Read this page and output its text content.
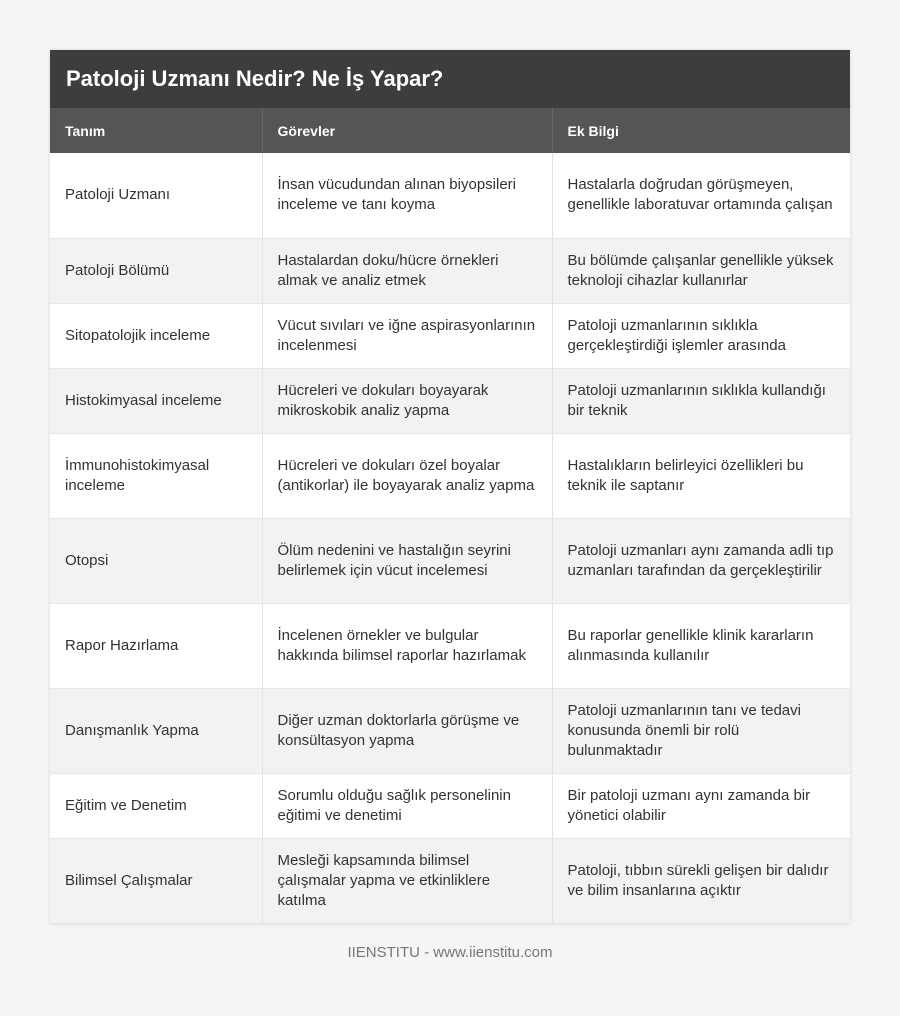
Patoloji Uzmanı Nedir? Ne İş Yapar?
Tanım	Görevler	Ek Bilgi
Patoloji Uzmanı	İnsan vücudundan alınan biyopsileri inceleme ve tanı koyma	Hastalarla doğrudan görüşmeyen, genellikle laboratuvar ortamında çalışan
Patoloji Bölümü	Hastalardan doku/hücre örnekleri almak ve analiz etmek	Bu bölümde çalışanlar genellikle yüksek teknoloji cihazlar kullanırlar
Sitopatolojik inceleme	Vücut sıvıları ve iğne aspirasyonlarının incelenmesi	Patoloji uzmanlarının sıklıkla gerçekleştirdiği işlemler arasında
Histokimyasal inceleme	Hücreleri ve dokuları boyayarak mikroskobik analiz yapma	Patoloji uzmanlarının sıklıkla kullandığı bir teknik
İmmunohistokimyasal inceleme	Hücreleri ve dokuları özel boyalar (antikorlar) ile boyayarak analiz yapma	Hastalıkların belirleyici özellikleri bu teknik ile saptanır
Otopsi	Ölüm nedenini ve hastalığın seyrini belirlemek için vücut incelemesi	Patoloji uzmanları aynı zamanda adli tıp uzmanları tarafından da gerçekleştirilir
Rapor Hazırlama	İncelenen örnekler ve bulgular hakkında bilimsel raporlar hazırlamak	Bu raporlar genellikle klinik kararların alınmasında kullanılır
Danışmanlık Yapma	Diğer uzman doktorlarla görüşme ve konsültasyon yapma	Patoloji uzmanlarının tanı ve tedavi konusunda önemli bir rolü bulunmaktadır
Eğitim ve Denetim	Sorumlu olduğu sağlık personelinin eğitimi ve denetimi	Bir patoloji uzmanı aynı zamanda bir yönetici olabilir
Bilimsel Çalışmalar	Mesleği kapsamında bilimsel çalışmalar yapma ve etkinliklere katılma	Patoloji, tıbbın sürekli gelişen bir dalıdır ve bilim insanlarına açıktır
IIENSTITU - www.iienstitu.com
